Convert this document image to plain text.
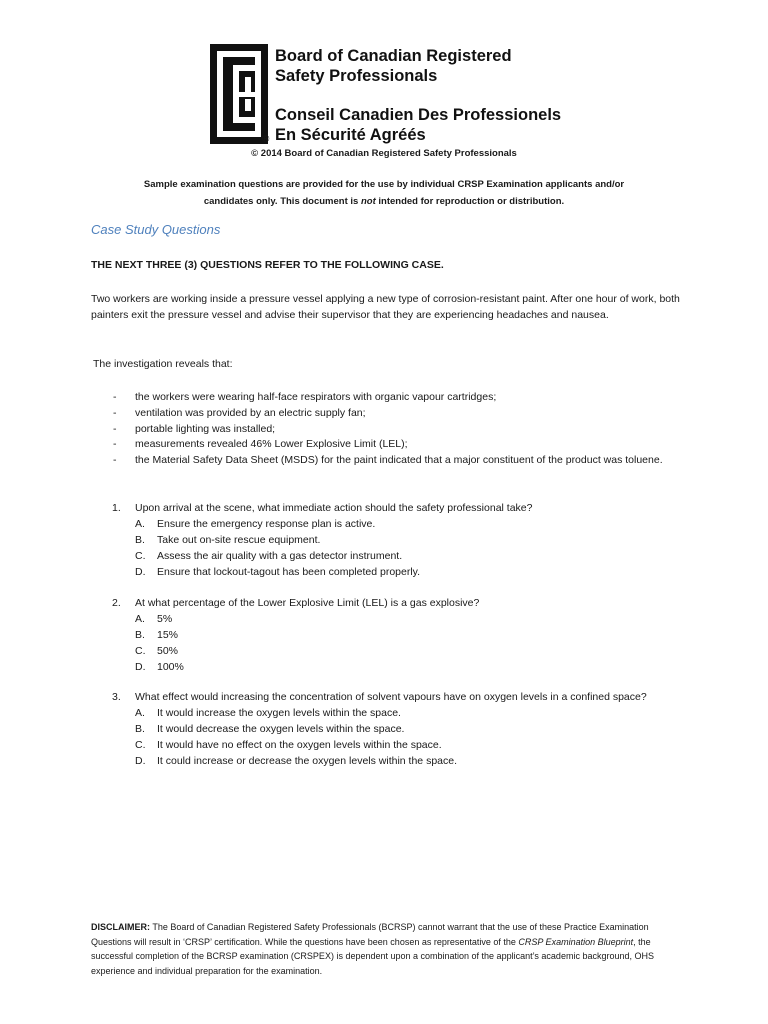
®
Board of Canadian Registered
Safety Professionals
Conseil Canadien Des Professionels
En Sécurité Agréés
© 2014 Board of Canadian Registered Safety Professionals
Sample examination questions are provided for the use by individual CRSP Examination applicants and/or
candidates only. This document is not intended for reproduction or distribution.
Case Study Questions
THE NEXT THREE (3) QUESTIONS REFER TO THE FOLLOWING CASE.
Two workers are working inside a pressure vessel applying a new type of corrosion-resistant paint. After one hour of work, both painters exit the pressure vessel and advise their supervisor that they are experiencing headaches and nausea.
The investigation reveals that:
- the workers were wearing half-face respirators with organic vapour cartridges;
- ventilation was provided by an electric supply fan;
- portable lighting was installed;
- measurements revealed 46% Lower Explosive Limit (LEL);
- the Material Safety Data Sheet (MSDS) for the paint indicated that a major constituent of the product was toluene.
1. Upon arrival at the scene, what immediate action should the safety professional take?
A. Ensure the emergency response plan is active.
B. Take out on-site rescue equipment.
C. Assess the air quality with a gas detector instrument.
D. Ensure that lockout-tagout has been completed properly.
2. At what percentage of the Lower Explosive Limit (LEL) is a gas explosive?
A. 5%
B. 15%
C. 50%
D. 100%
3. What effect would increasing the concentration of solvent vapours have on oxygen levels in a confined space?
A. It would increase the oxygen levels within the space.
B. It would decrease the oxygen levels within the space.
C. It would have no effect on the oxygen levels within the space.
D. It could increase or decrease the oxygen levels within the space.
DISCLAIMER: The Board of Canadian Registered Safety Professionals (BCRSP) cannot warrant that the use of these Practice Examination Questions will result in ‘CRSP’ certification. While the questions have been chosen as representative of the CRSP Examination Blueprint, the successful completion of the BCRSP examination (CRSPEX) is dependent upon a combination of the applicant’s academic background, OHS experience and individual preparation for the examination.
